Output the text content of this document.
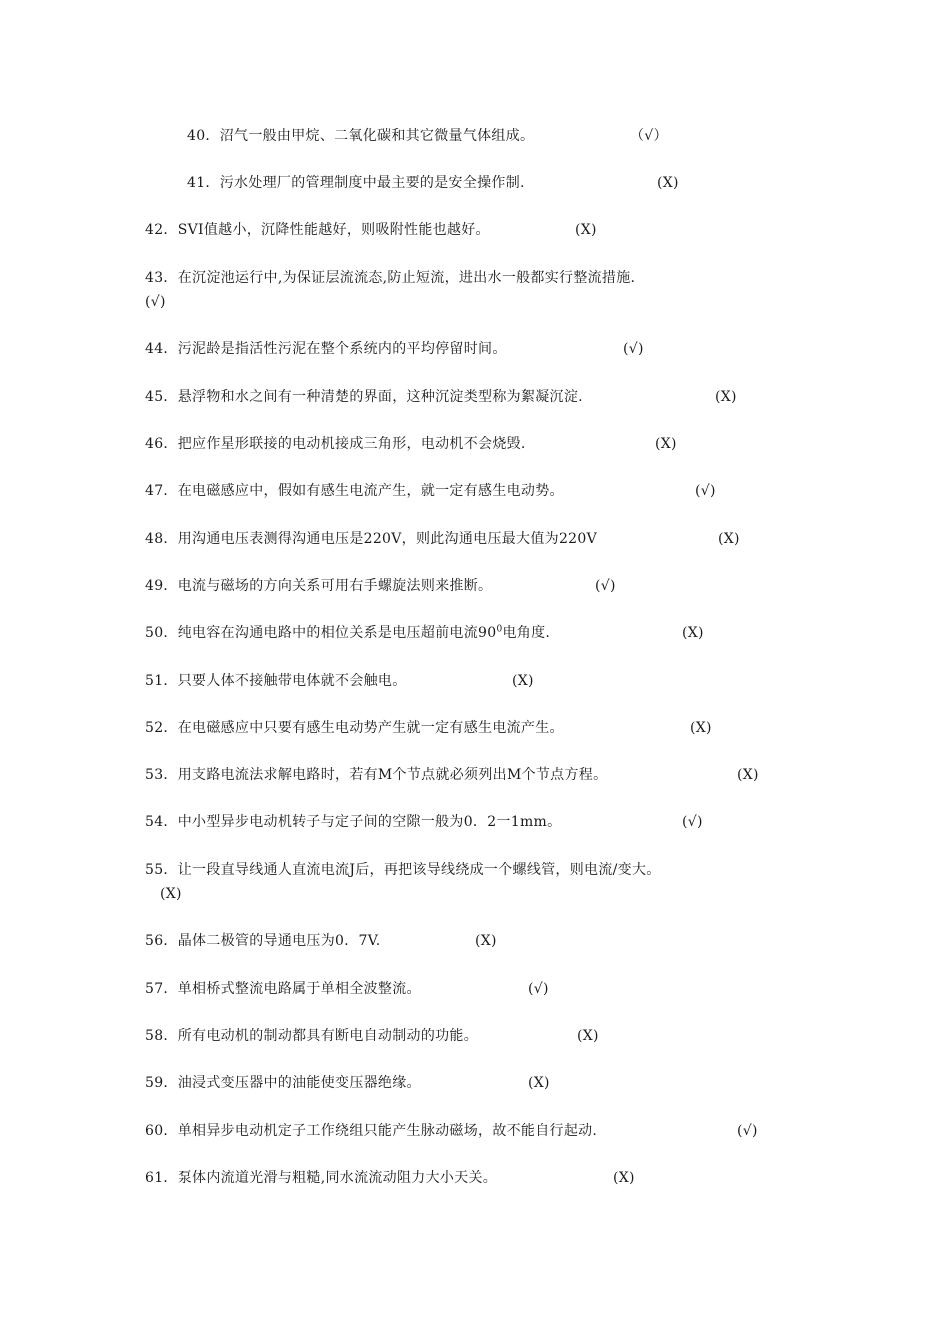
40．沼气一般由甲烷、二氧化碳和其它微量气体组成。	（√）
41．污水处理厂的管理制度中最主要的是安全操作制.	(X)
42．SVI值越小，沉降性能越好，则吸附性能也越好。	(X)
43．在沉淀池运行中,为保证层流流态,防止短流，进出水一般都实行整流措施.
(√)
44．污泥龄是指活性污泥在整个系统内的平均停留时间。	(√)
45．悬浮物和水之间有一种清楚的界面，这种沉淀类型称为絮凝沉淀.	(X)
46．把应作星形联接的电动机接成三角形，电动机不会烧毁.	(X)
47．在电磁感应中，假如有感生电流产生，就一定有感生电动势。	(√)
48．用沟通电压表测得沟通电压是220V，则此沟通电压最大值为220V	(X)
49．电流与磁场的方向关系可用右手螺旋法则来推断。	(√)
50．纯电容在沟通电路中的相位关系是电压超前电流$90^0$电角度.	(X)
51．只要人体不接触带电体就不会触电。	(X)
52．在电磁感应中只要有感生电动势产生就一定有感生电流产生。	(X)
53．用支路电流法求解电路时，若有M个节点就必须列出M个节点方程。	(X)
54．中小型异步电动机转子与定子间的空隙一般为0．2一1mm。	(√)
55．让一段直导线通人直流电流J后，再把该导线绕成一个螺线管，则电流/变大。
(X)
56．晶体二极管的导通电压为0．7V.	(X)
57．单相桥式整流电路属于单相全波整流。	(√)
58．所有电动机的制动都具有断电自动制动的功能。	(X)
59．油浸式变压器中的油能使变压器绝缘。	(X)
60．单相异步电动机定子工作绕组只能产生脉动磁场，故不能自行起动.	(√)
61．泵体内流道光滑与粗糙,同水流流动阻力大小天关。	(X)
